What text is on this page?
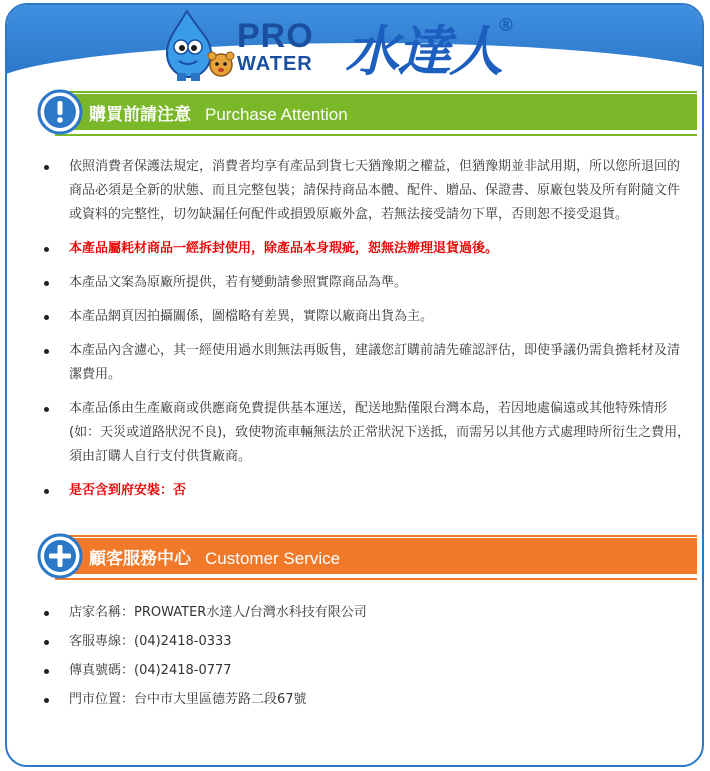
PRO
WATER 水達人
®
購買前請注意 Purchase Attention
依照消費者保護法規定，消費者均享有產品到貨七天猶豫期之權益，但猶豫期並非試用期，所以您所退回的商品必須是全新的狀態、而且完整包裝；請保持商品本體、配件、贈品、保證書、原廠包裝及所有附隨文件或資料的完整性，切勿缺漏任何配件或損毀原廠外盒，若無法接受請勿下單，否則恕不接受退貨。
本產品屬耗材商品一經拆封使用，除產品本身瑕疵，恕無法辦理退貨過後。
本產品文案為原廠所提供，若有變動請參照實際商品為準。
本產品網頁因拍攝關係，圖檔略有差異，實際以廠商出貨為主。
本產品內含濾心，其一經使用過水則無法再販售，建議您訂購前請先確認評估，即使爭議仍需負擔耗材及清潔費用。
本產品係由生產廠商或供應商免費提供基本運送，配送地點僅限台灣本島，若因地處偏遠或其他特殊情形 (如：天災或道路狀況不良)，致使物流車輛無法於正常狀況下送抵，而需另以其他方式處理時所衍生之費用，須由訂購人自行支付供貨廠商。
是否含到府安裝：否
顧客服務中心 Customer Service
店家名稱：PROWATER水達人/台灣水科技有限公司
客服專線：(04)2418-0333
傳真號碼：(04)2418-0777
門市位置：台中市大里區德芳路二段67號
